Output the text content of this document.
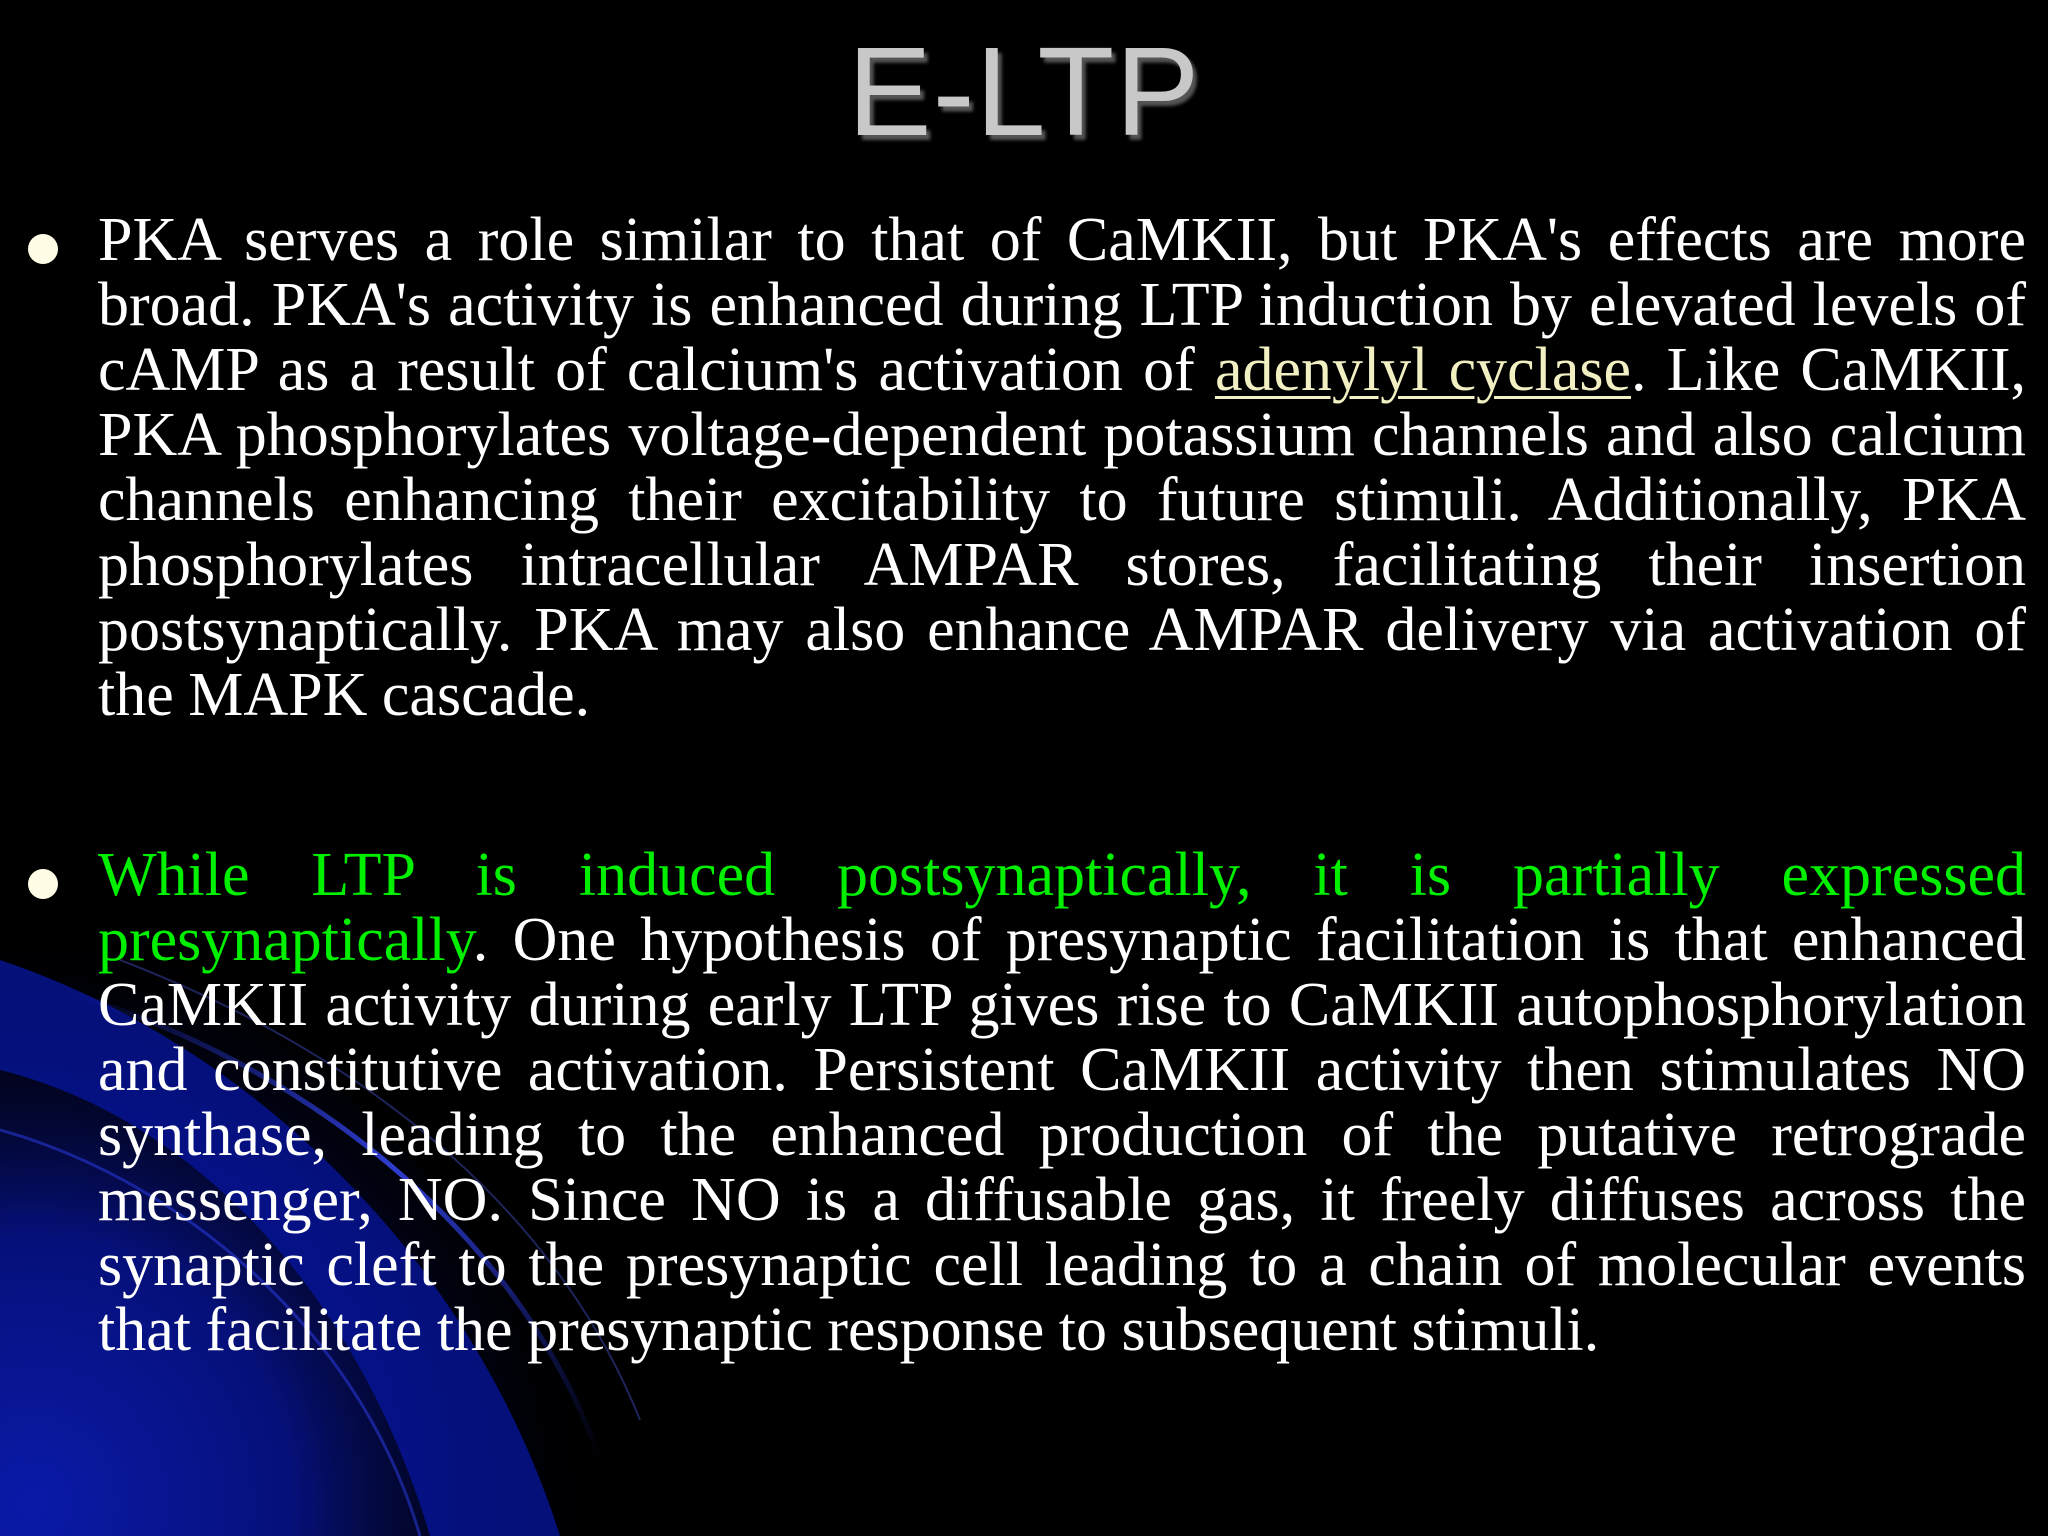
E-LTP
PKA serves a role similar to that of CaMKII, but PKA's effects are more broad. PKA's activity is enhanced during LTP induction by elevated levels of cAMP as a result of calcium's activation of adenylyl cyclase. Like CaMKII, PKA phosphorylates voltage-dependent potassium channels and also calcium channels enhancing their excitability to future stimuli. Additionally, PKA phosphorylates intracellular AMPAR stores, facilitating their insertion postsynaptically. PKA may also enhance AMPAR delivery via activation of the MAPK cascade.
While LTP is induced postsynaptically, it is partially expressed presynaptically. One hypothesis of presynaptic facilitation is that enhanced CaMKII activity during early LTP gives rise to CaMKII autophosphorylation and constitutive activation. Persistent CaMKII activity then stimulates NO synthase, leading to the enhanced production of the putative retrograde messenger, NO. Since NO is a diffusable gas, it freely diffuses across the synaptic cleft to the presynaptic cell leading to a chain of molecular events that facilitate the presynaptic response to subsequent stimuli.
